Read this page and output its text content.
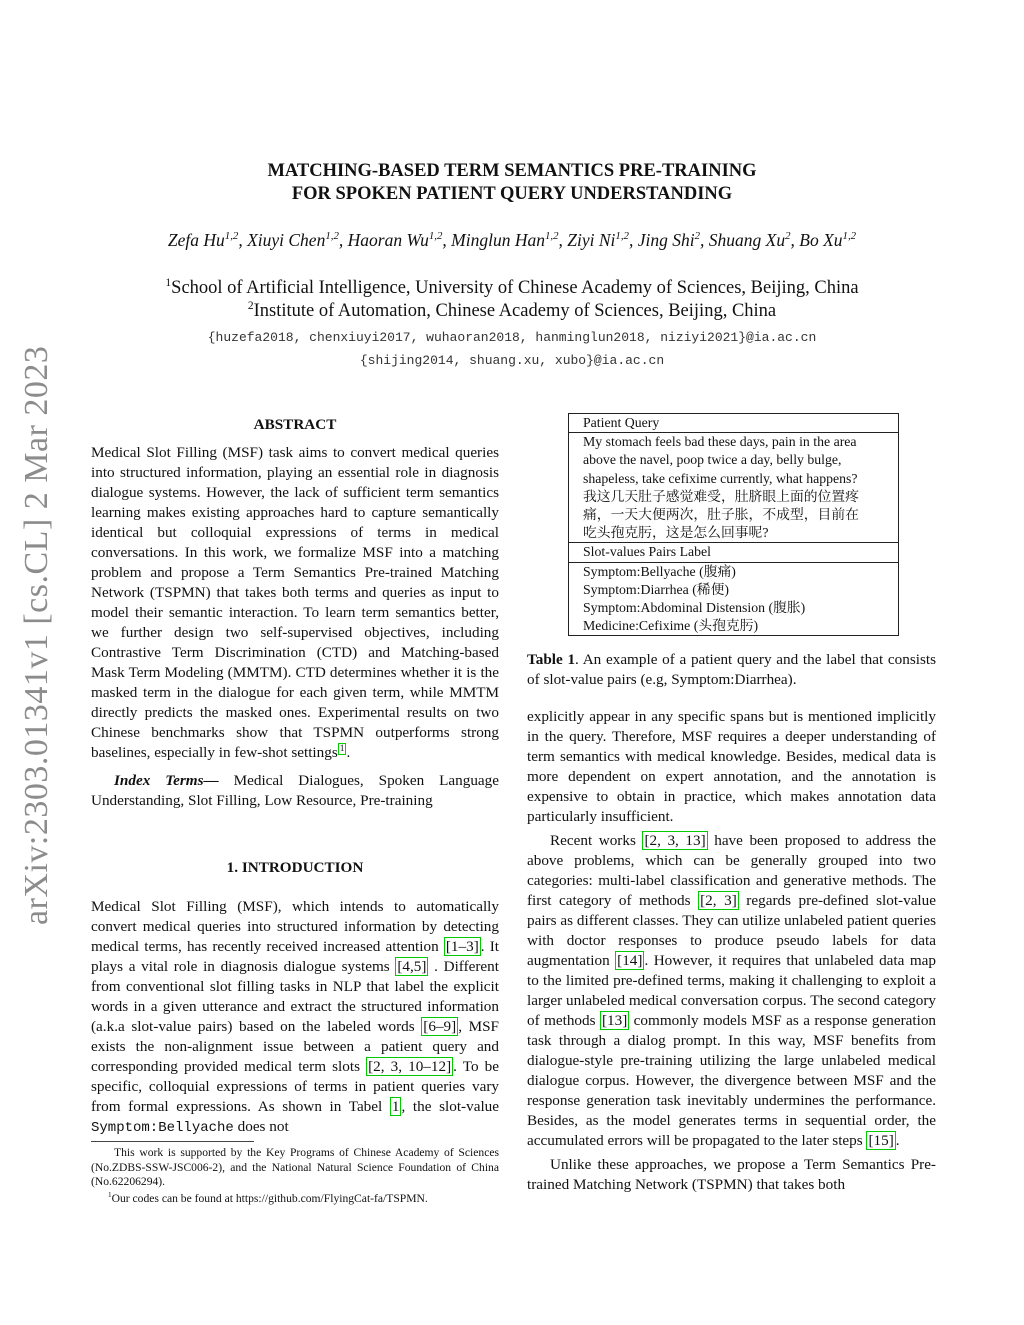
arXiv:2303.01341v1 [cs.CL] 2 Mar 2023
MATCHING-BASED TERM SEMANTICS PRE-TRAINING
FOR SPOKEN PATIENT QUERY UNDERSTANDING
Zefa Hu$^{1,2}$, Xiuyi Chen$^{1,2}$, Haoran Wu$^{1,2}$, Minglun Han$^{1,2}$, Ziyi Ni$^{1,2}$, Jing Shi$^2$, Shuang Xu$^2$, Bo Xu$^{1,2}$
$^1$School of Artificial Intelligence, University of Chinese Academy of Sciences, Beijing, China
$^2$Institute of Automation, Chinese Academy of Sciences, Beijing, China
{huzefa2018, chenxiuyi2017, wuhaoran2018, hanminglun2018, niziyi2021}@ia.ac.cn
{shijing2014, shuang.xu, xubo}@ia.ac.cn
ABSTRACT

Medical Slot Filling (MSF) task aims to convert medical queries into structured information, playing an essential role in diagnosis dialogue systems. However, the lack of sufficient term semantics learning makes existing approaches hard to capture semantically identical but colloquial expressions of terms in medical conversations. In this work, we formalize MSF into a matching problem and propose a Term Semantics Pre-trained Matching Network (TSPMN) that takes both terms and queries as input to model their semantic interaction. To learn term semantics better, we further design two self-supervised objectives, including Contrastive Term Discrimination (CTD) and Matching-based Mask Term Modeling (MMTM). CTD determines whether it is the masked term in the dialogue for each given term, while MMTM directly predicts the masked ones. Experimental results on two Chinese benchmarks show that TSPMN outperforms strong baselines, especially in few-shot settings $^1$ .

Index Terms— Medical Dialogues, Spoken Language Understanding, Slot Filling, Low Resource, Pre-training

1. INTRODUCTION

Medical Slot Filling (MSF), which intends to automatically convert medical queries into structured information by detecting medical terms, has recently received increased attention [1–3] . It plays a vital role in diagnosis dialogue systems [4,5] . Different from conventional slot filling tasks in NLP that label the explicit words in a given utterance and extract the structured information (a.k.a slot-value pairs) based on the labeled words [6–9] , MSF exists the non-alignment issue between a patient query and corresponding provided medical term slots [2, 3, 10–12] . To be specific, colloquial expressions of terms in patient queries vary from formal expressions. As shown in Tabel 1 , the slot-value Symptom:Bellyache does not

This work is supported by the Key Programs of Chinese Academy of Sciences (No.ZDBS-SSW-JSC006-2), and the National Natural Science Foundation of China (No.62206294).
$^1$Our codes can be found at https://github.com/FlyingCat-fa/TSPMN.
Patient Query

My stomach feels bad these days, pain in the area
above the navel, poop twice a day, belly bulge,
shapeless, take cefixime currently, what happens?
我这几天肚子感觉难受，肚脐眼上面的位置疼
痛，一天大便两次，肚子胀，不成型，目前在
吃头孢克肟，这是怎么回事呢?

Slot-values Pairs Label

Symptom:Bellyache (腹痛)
Symptom:Diarrhea (稀便)
Symptom:Abdominal Distension (腹胀)
Medicine:Cefixime (头孢克肟)

Table 1. An example of a patient query and the label that consists of slot-value pairs (e.g, Symptom:Diarrhea).

explicitly appear in any specific spans but is mentioned implicitly in the query. Therefore, MSF requires a deeper understanding of term semantics with medical knowledge. Besides, medical data is more dependent on expert annotation, and the annotation is expensive to obtain in practice, which makes annotation data particularly insufficient.

Recent works [2, 3, 13] have been proposed to address the above problems, which can be generally grouped into two categories: multi-label classification and generative methods. The first category of methods [2, 3] regards pre-defined slot-value pairs as different classes. They can utilize unlabeled patient queries with doctor responses to produce pseudo labels for data augmentation [14] . However, it requires that unlabeled data map to the limited pre-defined terms, making it challenging to exploit a larger unlabeled medical conversation corpus. The second category of methods [13] commonly models MSF as a response generation task through a dialog prompt. In this way, MSF benefits from dialogue-style pre-training utilizing the large unlabeled medical dialogue corpus. However, the divergence between MSF and the response generation task inevitably undermines the performance. Besides, as the model generates terms in sequential order, the accumulated errors will be propagated to the later steps [15] .

Unlike these approaches, we propose a Term Semantics Pre-trained Matching Network (TSPMN) that takes both
